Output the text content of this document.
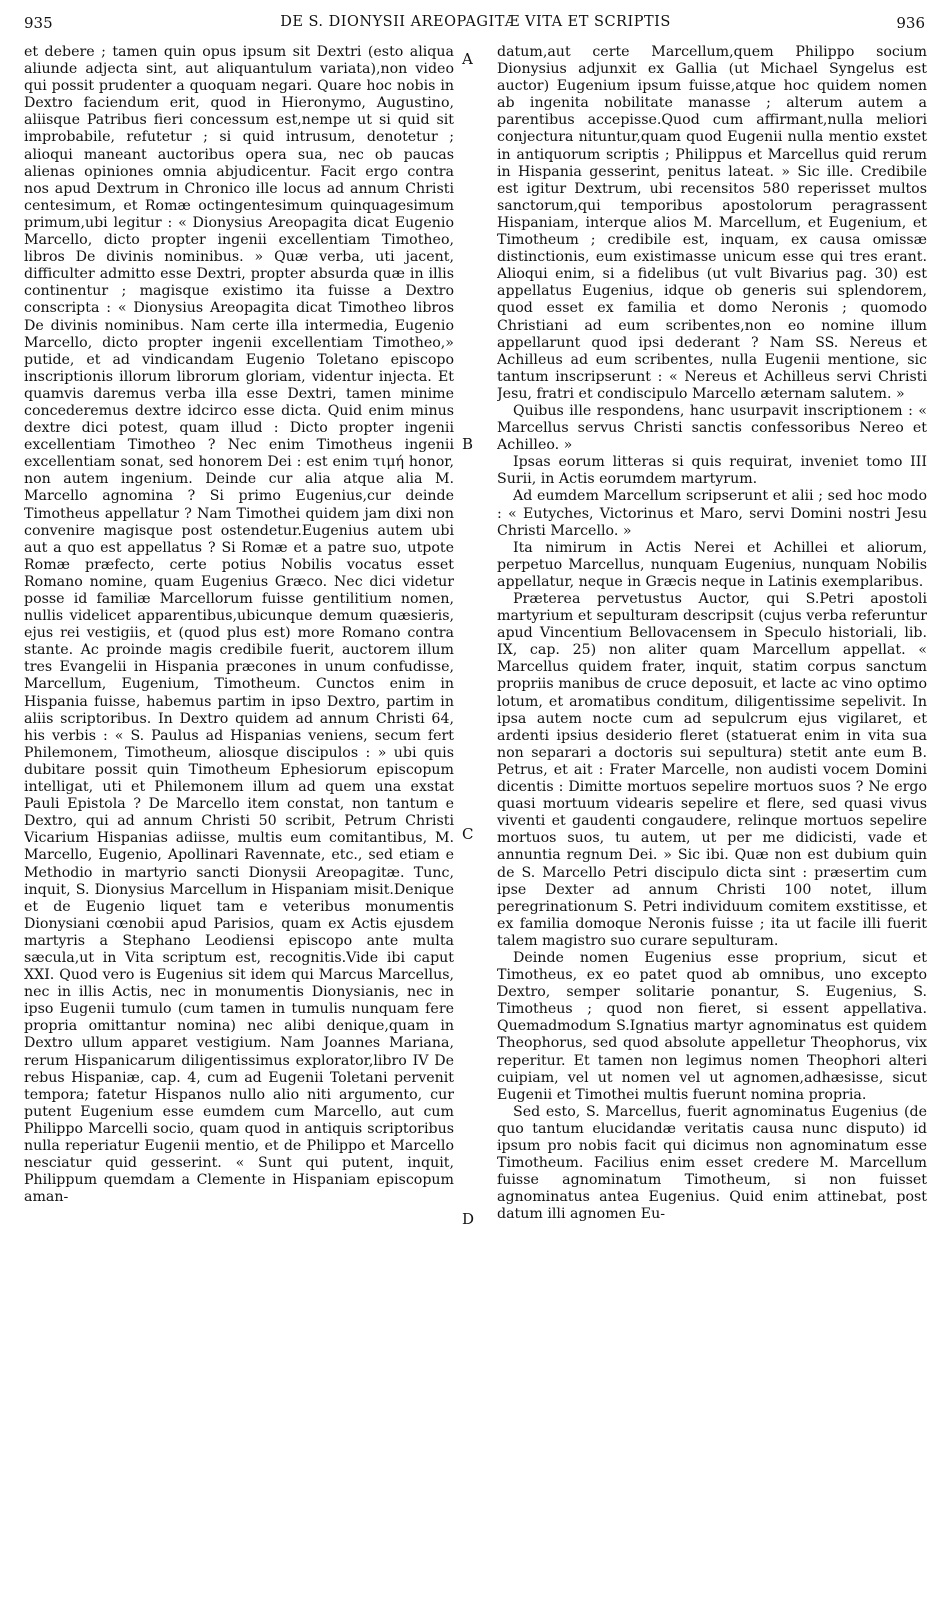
935	DE S. DIONYSII AREOPAGITÆ VITA ET SCRIPTIS	936

et debere ; tamen quin opus ipsum sit Dextri (esto aliqua aliunde adjecta sint, aut aliquantulum variata),non video qui possit prudenter a quoquam negari. Quare hoc nobis in Dextro faciendum erit, quod in Hieronymo, Augustino, aliisque Patribus fieri concessum est,nempe ut si quid sit improbabile, refutetur ; si quid intrusum, denotetur ; alioqui maneant auctoribus opera sua, nec ob paucas alienas opiniones omnia abjudicentur. Facit ergo contra nos apud Dextrum in Chronico ille locus ad annum Christi centesimum, et Romæ octingentesimum quinquagesimum primum,ubi legitur : « Dionysius Areopagita dicat Eugenio Marcello, dicto propter ingenii excellentiam Timotheo, libros De divinis nominibus. » Quæ verba, uti jacent, difficulter admitto esse Dextri, propter absurda quæ in illis continentur ; magisque existimo ita fuisse a Dextro conscripta : « Dionysius Areopagita dicat Timotheo libros De divinis nominibus. Nam certe illa intermedia, Eugenio Marcello, dicto propter ingenii excellentiam Timotheo,» putide, et ad vindicandam Eugenio Toletano episcopo inscriptionis illorum librorum gloriam, videntur injecta. Et quamvis daremus verba illa esse Dextri, tamen minime concederemus dextre idcirco esse dicta. Quid enim minus dextre dici potest, quam illud : Dicto propter ingenii excellentiam Timotheo ? Nec enim Timotheus ingenii excellentiam sonat, sed honorem Dei : est enim τιμή honor, non autem ingenium. Deinde cur alia atque alia M. Marcello agnomina ? Si primo Eugenius,cur deinde Timotheus appellatur ? Nam Timothei quidem jam dixi non convenire magisque post ostendetur.Eugenius autem ubi aut a quo est appellatus ? Si Romæ et a patre suo, utpote Romæ præfecto, certe potius Nobilis vocatus esset Romano nomine, quam Eugenius Græco. Nec dici videtur posse id familiæ Marcellorum fuisse gentilitium nomen, nullis videlicet apparentibus,ubicunque demum quæsieris, ejus rei vestigiis, et (quod plus est) more Romano contra stante. Ac proinde magis credibile fuerit, auctorem illum tres Evangelii in Hispania præcones in unum confudisse, Marcellum, Eugenium, Timotheum. Cunctos enim in Hispania fuisse, habemus partim in ipso Dextro, partim in aliis scriptoribus. In Dextro quidem ad annum Christi 64, his verbis : « S. Paulus ad Hispanias veniens, secum fert Philemonem, Timotheum, aliosque discipulos : » ubi quis dubitare possit quin Timotheum Ephesiorum episcopum intelligat, uti et Philemonem illum ad quem una exstat Pauli Epistola ? De Marcello item constat, non tantum e Dextro, qui ad annum Christi 50 scribit, Petrum Christi Vicarium Hispanias adiisse, multis eum comitantibus, M. Marcello, Eugenio, Apollinari Ravennate, etc., sed etiam e Methodio in martyrio sancti Dionysii Areopagitæ. Tunc, inquit, S. Dionysius Marcellum in Hispaniam misit.Denique et de Eugenio liquet tam e veteribus monumentis Dionysiani cœnobii apud Parisios, quam ex Actis ejusdem martyris a Stephano Leodiensi episcopo ante multa sæcula,ut in Vita scriptum est, recognitis.Vide ibi caput XXI. Quod vero is Eugenius sit idem qui Marcus Marcellus, nec in illis Actis, nec in monumentis Dionysianis, nec in ipso Eugenii tumulo (cum tamen in tumulis nunquam fere propria omittantur nomina) nec alibi denique,quam in Dextro ullum apparet vestigium. Nam Joannes Mariana, rerum Hispanicarum diligentissimus explorator,libro IV De rebus Hispaniæ, cap. 4, cum ad Eugenii Toletani pervenit tempora; fatetur Hispanos nullo alio niti argumento, cur putent Eugenium esse eumdem cum Marcello, aut cum Philippo Marcelli socio, quam quod in antiquis scriptoribus nulla reperiatur Eugenii mentio, et de Philippo et Marcello nesciatur quid gesserint. « Sunt qui putent, inquit, Philippum quemdam a Clemente in Hispaniam episcopum aman-

A
B
C
D

datum,aut certe Marcellum,quem Philippo socium Dionysius adjunxit ex Gallia (ut Michael Syngelus est auctor) Eugenium ipsum fuisse,atque hoc quidem nomen ab ingenita nobilitate manasse ; alterum autem a parentibus accepisse.Quod cum affirmant,nulla meliori conjectura nituntur,quam quod Eugenii nulla mentio exstet in antiquorum scriptis ; Philippus et Marcellus quid rerum in Hispania gesserint, penitus lateat. » Sic ille. Credibile est igitur Dextrum, ubi recensitos 580 reperisset multos sanctorum,qui temporibus apostolorum peragrassent Hispaniam, interque alios M. Marcellum, et Eugenium, et Timotheum ; credibile est, inquam, ex causa omissæ distinctionis, eum existimasse unicum esse qui tres erant. Alioqui enim, si a fidelibus (ut vult Bivarius pag. 30) est appellatus Eugenius, idque ob generis sui splendorem, quod esset ex familia et domo Neronis ; quomodo Christiani ad eum scribentes,non eo nomine illum appellarunt quod ipsi dederant ? Nam SS. Nereus et Achilleus ad eum scribentes, nulla Eugenii mentione, sic tantum inscripserunt : « Nereus et Achilleus servi Christi Jesu, fratri et condiscipulo Marcello æternam salutem. »

Quibus ille respondens, hanc usurpavit inscriptionem : « Marcellus servus Christi sanctis confessoribus Nereo et Achilleo. »

Ipsas eorum litteras si quis requirat, inveniet tomo III Surii, in Actis eorumdem martyrum.

Ad eumdem Marcellum scripserunt et alii ; sed hoc modo : « Eutyches, Victorinus et Maro, servi Domini nostri Jesu Christi Marcello. »

Ita nimirum in Actis Nerei et Achillei et aliorum, perpetuo Marcellus, nunquam Eugenius, nunquam Nobilis appellatur, neque in Græcis neque in Latinis exemplaribus.

Præterea pervetustus Auctor, qui S.Petri apostoli martyrium et sepulturam descripsit (cujus verba referuntur apud Vincentium Bellovacensem in Speculo historiali, lib. IX, cap. 25) non aliter quam Marcellum appellat. « Marcellus quidem frater, inquit, statim corpus sanctum propriis manibus de cruce deposuit, et lacte ac vino optimo lotum, et aromatibus conditum, diligentissime sepelivit. In ipsa autem nocte cum ad sepulcrum ejus vigilaret, et ardenti ipsius desiderio fleret (statuerat enim in vita sua non separari a doctoris sui sepultura) stetit ante eum B. Petrus, et ait : Frater Marcelle, non audisti vocem Domini dicentis : Dimitte mortuos sepelire mortuos suos ? Ne ergo quasi mortuum videaris sepelire et flere, sed quasi vivus viventi et gaudenti congaudere, relinque mortuos sepelire mortuos suos, tu autem, ut per me didicisti, vade et annuntia regnum Dei. » Sic ibi. Quæ non est dubium quin de S. Marcello Petri discipulo dicta sint : præsertim cum ipse Dexter ad annum Christi 100 notet, illum peregrinationum S. Petri individuum comitem exstitisse, et ex familia domoque Neronis fuisse ; ita ut facile illi fuerit talem magistro suo curare sepulturam.

Deinde nomen Eugenius esse proprium, sicut et Timotheus, ex eo patet quod ab omnibus, uno excepto Dextro, semper solitarie ponantur, S. Eugenius, S. Timotheus ; quod non fieret, si essent appellativa. Quemadmodum S.Ignatius martyr agnominatus est quidem Theophorus, sed quod absolute appelletur Theophorus, vix reperitur. Et tamen non legimus nomen Theophori alteri cuipiam, vel ut nomen vel ut agnomen,adhæsisse, sicut Eugenii et Timothei multis fuerunt nomina propria.

Sed esto, S. Marcellus, fuerit agnominatus Eugenius (de quo tantum elucidandæ veritatis causa nunc disputo) id ipsum pro nobis facit qui dicimus non agnominatum esse Timotheum. Facilius enim esset credere M. Marcellum fuisse agnominatum Timotheum, si non fuisset agnominatus antea Eugenius. Quid enim attinebat, post datum illi agnomen Eu-
